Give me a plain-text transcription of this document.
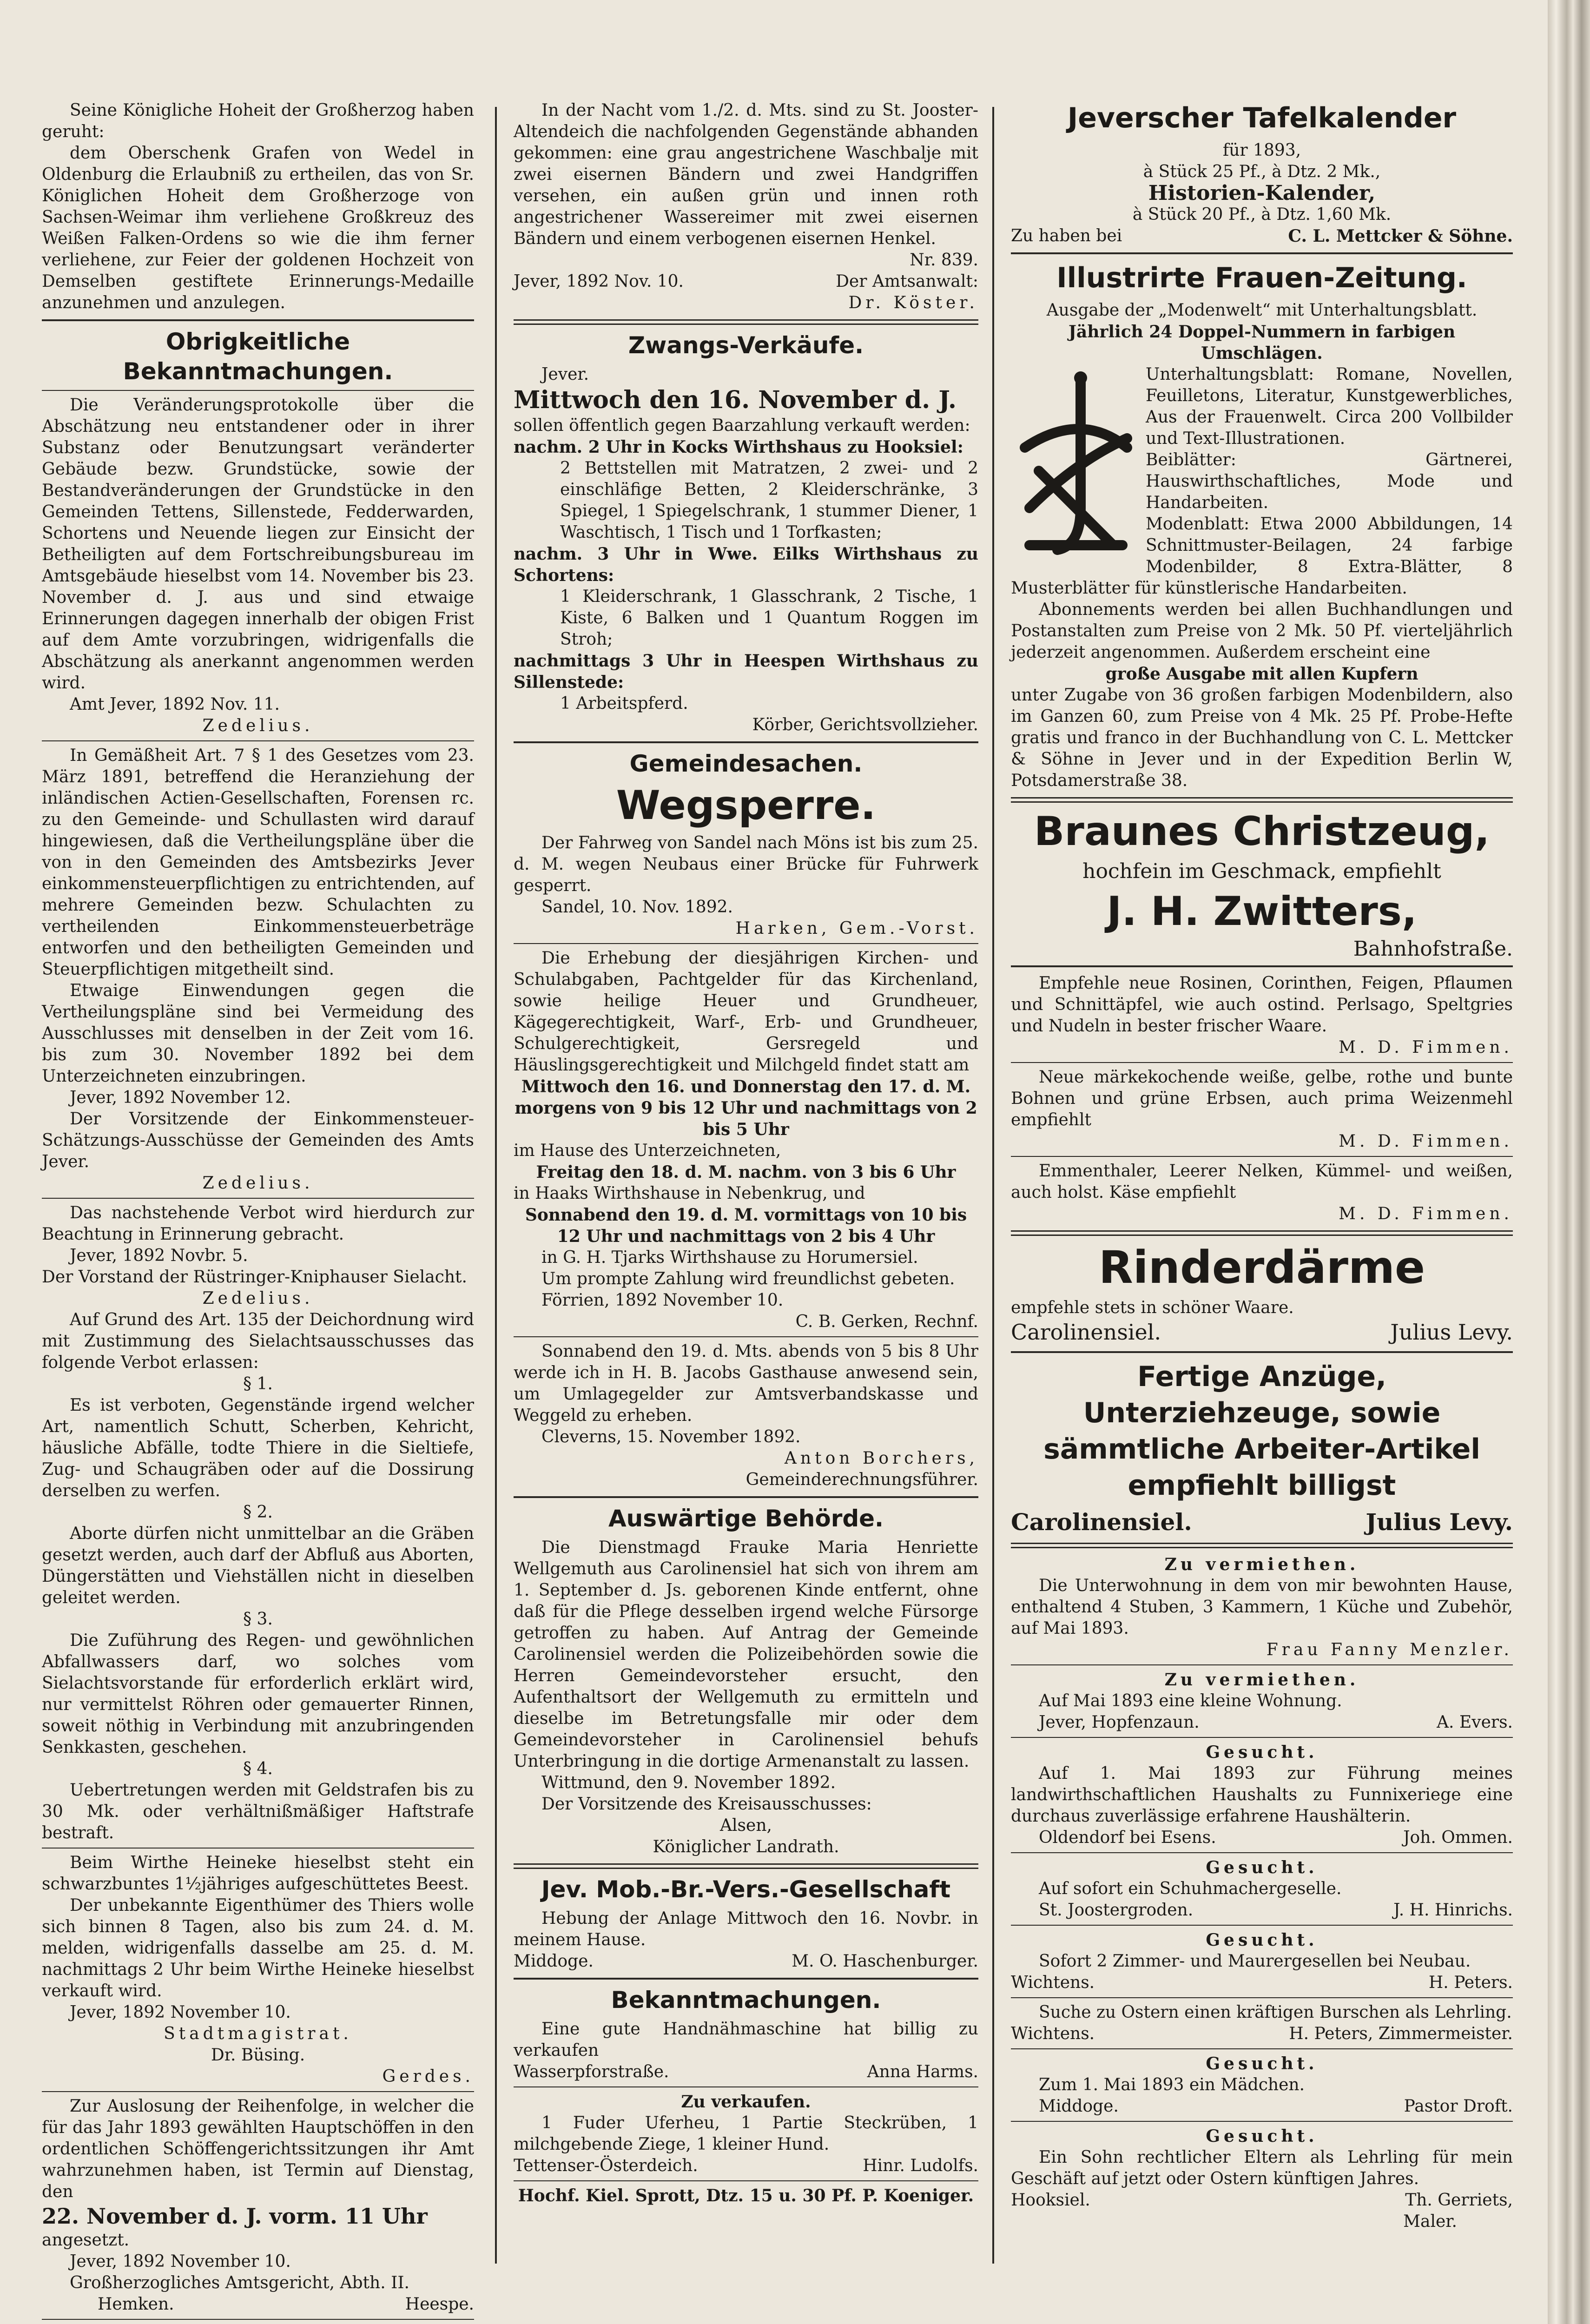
Seine Königliche Hoheit der Großherzog haben geruht:

dem Oberschenk Grafen von Wedel in Oldenburg die Erlaubniß zu ertheilen, das von Sr. Königlichen Hoheit dem Großherzoge von Sachsen-Weimar ihm verliehene Großkreuz des Weißen Falken-Ordens so wie die ihm ferner verliehene, zur Feier der goldenen Hochzeit von Demselben gestiftete Erinnerungs-Medaille anzunehmen und anzulegen.

Obrigkeitliche Bekanntmachungen.

Die Veränderungsprotokolle über die Abschätzung neu entstandener oder in ihrer Substanz oder Benutzungsart veränderter Gebäude bezw. Grundstücke, sowie der Bestandveränderungen der Grundstücke in den Gemeinden Tettens, Sillenstede, Fedderwarden, Schortens und Neuende liegen zur Einsicht der Betheiligten auf dem Fortschreibungsbureau im Amtsgebäude hieselbst vom 14. November bis 23. November d. J. aus und sind etwaige Erinnerungen dagegen innerhalb der obigen Frist auf dem Amte vorzubringen, widrigenfalls die Abschätzung als anerkannt angenommen werden wird.

Amt Jever, 1892 Nov. 11.

Zedelius.

In Gemäßheit Art. 7 § 1 des Gesetzes vom 23. März 1891, betreffend die Heranziehung der inländischen Actien-Gesellschaften, Forensen rc. zu den Gemeinde- und Schullasten wird darauf hingewiesen, daß die Vertheilungspläne über die von in den Gemeinden des Amtsbezirks Jever einkommensteuerpflichtigen zu entrichtenden, auf mehrere Gemeinden bezw. Schulachten zu vertheilenden Einkommensteuerbeträge entworfen und den betheiligten Gemeinden und Steuerpflichtigen mitgetheilt sind.

Etwaige Einwendungen gegen die Vertheilungspläne sind bei Vermeidung des Ausschlusses mit denselben in der Zeit vom 16. bis zum 30. November 1892 bei dem Unterzeichneten einzubringen.

Jever, 1892 November 12.

Der Vorsitzende der Einkommensteuer-Schätzungs-Ausschüsse der Gemeinden des Amts Jever.

Zedelius.

Das nachstehende Verbot wird hierdurch zur Beachtung in Erinnerung gebracht.

Jever, 1892 Novbr. 5.

Der Vorstand der Rüstringer-Kniphauser Sielacht.

Zedelius.

Auf Grund des Art. 135 der Deichordnung wird mit Zustimmung des Sielachtsausschusses das folgende Verbot erlassen:

§ 1.

Es ist verboten, Gegenstände irgend welcher Art, namentlich Schutt, Scherben, Kehricht, häusliche Abfälle, todte Thiere in die Sieltiefe, Zug- und Schaugräben oder auf die Dossirung derselben zu werfen.

§ 2.

Aborte dürfen nicht unmittelbar an die Gräben gesetzt werden, auch darf der Abfluß aus Aborten, Düngerstätten und Viehställen nicht in dieselben geleitet werden.

§ 3.

Die Zuführung des Regen- und gewöhnlichen Abfallwassers darf, wo solches vom Sielachtsvorstande für erforderlich erklärt wird, nur vermittelst Röhren oder gemauerter Rinnen, soweit nöthig in Verbindung mit anzubringenden Senkkasten, geschehen.

§ 4.

Uebertretungen werden mit Geldstrafen bis zu 30 Mk. oder verhältnißmäßiger Haftstrafe bestraft.

Beim Wirthe Heineke hieselbst steht ein schwarzbuntes 1½jähriges aufgeschüttetes Beest.

Der unbekannte Eigenthümer des Thiers wolle sich binnen 8 Tagen, also bis zum 24. d. M. melden, widrigenfalls dasselbe am 25. d. M. nachmittags 2 Uhr beim Wirthe Heineke hieselbst verkauft wird.

Jever, 1892 November 10.

Stadtmagistrat.

Dr. Büsing.

Gerdes.

Zur Auslosung der Reihenfolge, in welcher die für das Jahr 1893 gewählten Hauptschöffen in den ordentlichen Schöffengerichtssitzungen ihr Amt wahrzunehmen haben, ist Termin auf Dienstag, den

22. November d. J. vorm. 11 Uhr

angesetzt.

Jever, 1892 November 10.

Großherzogliches Amtsgericht, Abth. II.

Hemken.	Heespe.

In der Nacht vom 1./2. d. Mts. sind zu St. Jooster-Altendeich die nachfolgenden Gegenstände abhanden gekommen: eine grau angestrichene Waschbalje mit zwei eisernen Bändern und zwei Handgriffen versehen, ein außen grün und innen roth angestrichener Wassereimer mit zwei eisernen Bändern und einem verbogenen eisernen Henkel.

Nr. 839.

Jever, 1892 Nov. 10.	Der Amtsanwalt:

Dr. Köster.

Zwangs-Verkäufe.

Jever.

Mittwoch den 16. November d. J.

sollen öffentlich gegen Baarzahlung verkauft werden:

nachm. 2 Uhr in Kocks Wirthshaus zu Hooksiel:

2 Bettstellen mit Matratzen, 2 zwei- und 2 einschläfige Betten, 2 Kleiderschränke, 3 Spiegel, 1 Spiegelschrank, 1 stummer Diener, 1 Waschtisch, 1 Tisch und 1 Torfkasten;

nachm. 3 Uhr in Wwe. Eilks Wirthshaus zu Schortens:

1 Kleiderschrank, 1 Glasschrank, 2 Tische, 1 Kiste, 6 Balken und 1 Quantum Roggen im Stroh;

nachmittags 3 Uhr in Heespen Wirthshaus zu Sillenstede:

1 Arbeitspferd.

Körber, Gerichtsvollzieher.

Gemeindesachen.
Wegsperre.

Der Fahrweg von Sandel nach Möns ist bis zum 25. d. M. wegen Neubaus einer Brücke für Fuhrwerk gesperrt.

Sandel, 10. Nov. 1892.

Harken, Gem.-Vorst.

Die Erhebung der diesjährigen Kirchen- und Schulabgaben, Pachtgelder für das Kirchenland, sowie heilige Heuer und Grundheuer, Kägegerechtigkeit, Warf-, Erb- und Grundheuer, Schulgerechtigkeit, Gersregeld und Häuslingsgerechtigkeit und Milchgeld findet statt am

Mittwoch den 16. und Donnerstag den 17. d. M. morgens von 9 bis 12 Uhr und nachmittags von 2 bis 5 Uhr

im Hause des Unterzeichneten,

Freitag den 18. d. M. nachm. von 3 bis 6 Uhr

in Haaks Wirthshause in Nebenkrug, und

Sonnabend den 19. d. M. vormittags von 10 bis 12 Uhr und nachmittags von 2 bis 4 Uhr

in G. H. Tjarks Wirthshause zu Horumersiel.

Um prompte Zahlung wird freundlichst gebeten.

Förrien, 1892 November 10.

C. B. Gerken, Rechnf.

Sonnabend den 19. d. Mts. abends von 5 bis 8 Uhr werde ich in H. B. Jacobs Gasthause anwesend sein, um Umlagegelder zur Amtsverbandskasse und Weggeld zu erheben.

Cleverns, 15. November 1892.

Anton Borchers,

Gemeinderechnungsführer.

Auswärtige Behörde.

Die Dienstmagd Frauke Maria Henriette Wellgemuth aus Carolinensiel hat sich von ihrem am 1. September d. Js. geborenen Kinde entfernt, ohne daß für die Pflege desselben irgend welche Fürsorge getroffen zu haben. Auf Antrag der Gemeinde Carolinensiel werden die Polizeibehörden sowie die Herren Gemeindevorsteher ersucht, den Aufenthaltsort der Wellgemuth zu ermitteln und dieselbe im Betretungsfalle mir oder dem Gemeindevorsteher in Carolinensiel behufs Unterbringung in die dortige Armenanstalt zu lassen.

Wittmund, den 9. November 1892.

Der Vorsitzende des Kreisausschusses:

Alsen,

Königlicher Landrath.

Jev. Mob.-Br.-Vers.-Gesellschaft

Hebung der Anlage Mittwoch den 16. Novbr. in meinem Hause.

Middoge.	M. O. Haschenburger.
Bekanntmachungen.

Eine gute Handnähmaschine hat billig zu verkaufen

Wasserpforstraße.	Anna Harms.

Zu verkaufen.

1 Fuder Uferheu, 1 Partie Steckrüben, 1 milchgebende Ziege, 1 kleiner Hund.

Tettenser-Österdeich.	Hinr. Ludolfs.

Hochf. Kiel. Sprott, Dtz. 15 u. 30 Pf. P. Koeniger.

Jeverscher Tafelkalender

für 1893,

à Stück 25 Pf., à Dtz. 2 Mk.,

Historien-Kalender,

à Stück 20 Pf., à Dtz. 1,60 Mk.

Zu haben bei	C. L. Mettcker & Söhne.
Illustrirte Frauen-Zeitung.

Ausgabe der „Modenwelt“ mit Unterhaltungsblatt.

Jährlich 24 Doppel-Nummern in farbigen Umschlägen.

Unterhaltungsblatt: Romane, Novellen, Feuilletons, Literatur, Kunstgewerbliches, Aus der Frauenwelt. Circa 200 Vollbilder und Text-Illustrationen.

Beiblätter: Gärtnerei, Hauswirthschaftliches, Mode und Handarbeiten.

Modenblatt: Etwa 2000 Abbildungen, 14 Schnittmuster-Beilagen, 24 farbige Modenbilder, 8 Extra-Blätter, 8 Musterblätter für künstlerische Handarbeiten.

Abonnements werden bei allen Buchhandlungen und Postanstalten zum Preise von 2 Mk. 50 Pf. vierteljährlich jederzeit angenommen. Außerdem erscheint eine

große Ausgabe mit allen Kupfern

unter Zugabe von 36 großen farbigen Modenbildern, also im Ganzen 60, zum Preise von 4 Mk. 25 Pf. Probe-Hefte gratis und franco in der Buchhandlung von C. L. Mettcker & Söhne in Jever und in der Expedition Berlin W, Potsdamerstraße 38.

Braunes Christzeug,

hochfein im Geschmack, empfiehlt

J. H. Zwitters,

Bahnhofstraße.

Empfehle neue Rosinen, Corinthen, Feigen, Pflaumen und Schnittäpfel, wie auch ostind. Perlsago, Speltgries und Nudeln in bester frischer Waare.

M. D. Fimmen.

Neue märkekochende weiße, gelbe, rothe und bunte Bohnen und grüne Erbsen, auch prima Weizenmehl empfiehlt

M. D. Fimmen.

Emmenthaler, Leerer Nelken, Kümmel- und weißen, auch holst. Käse empfiehlt

M. D. Fimmen.

Rinderdärme

empfehle stets in schöner Waare.

Carolinensiel.	Julius Levy.
Fertige Anzüge, Unterziehzeuge, sowie sämmtliche Arbeiter-Artikel empfiehlt billigst
Carolinensiel.	Julius Levy.

Zu vermiethen.

Die Unterwohnung in dem von mir bewohnten Hause, enthaltend 4 Stuben, 3 Kammern, 1 Küche und Zubehör, auf Mai 1893.

Frau Fanny Menzler.

Zu vermiethen.

Auf Mai 1893 eine kleine Wohnung.

Jever, Hopfenzaun.	A. Evers.

Gesucht.

Auf 1. Mai 1893 zur Führung meines landwirthschaftlichen Haushalts zu Funnixeriege eine durchaus zuverlässige erfahrene Haushälterin.

Oldendorf bei Esens.	Joh. Ommen.

Gesucht.

Auf sofort ein Schuhmachergeselle.

St. Joostergroden.	J. H. Hinrichs.

Gesucht.

Sofort 2 Zimmer- und Maurergesellen bei Neubau.

Wichtens.	H. Peters.

Suche zu Ostern einen kräftigen Burschen als Lehrling.

Wichtens.	H. Peters, Zimmermeister.

Gesucht.

Zum 1. Mai 1893 ein Mädchen.

Middoge.	Pastor Droft.

Gesucht.

Ein Sohn rechtlicher Eltern als Lehrling für mein Geschäft auf jetzt oder Ostern künftigen Jahres.

Hooksiel.	Th. Gerriets,

Maler.
